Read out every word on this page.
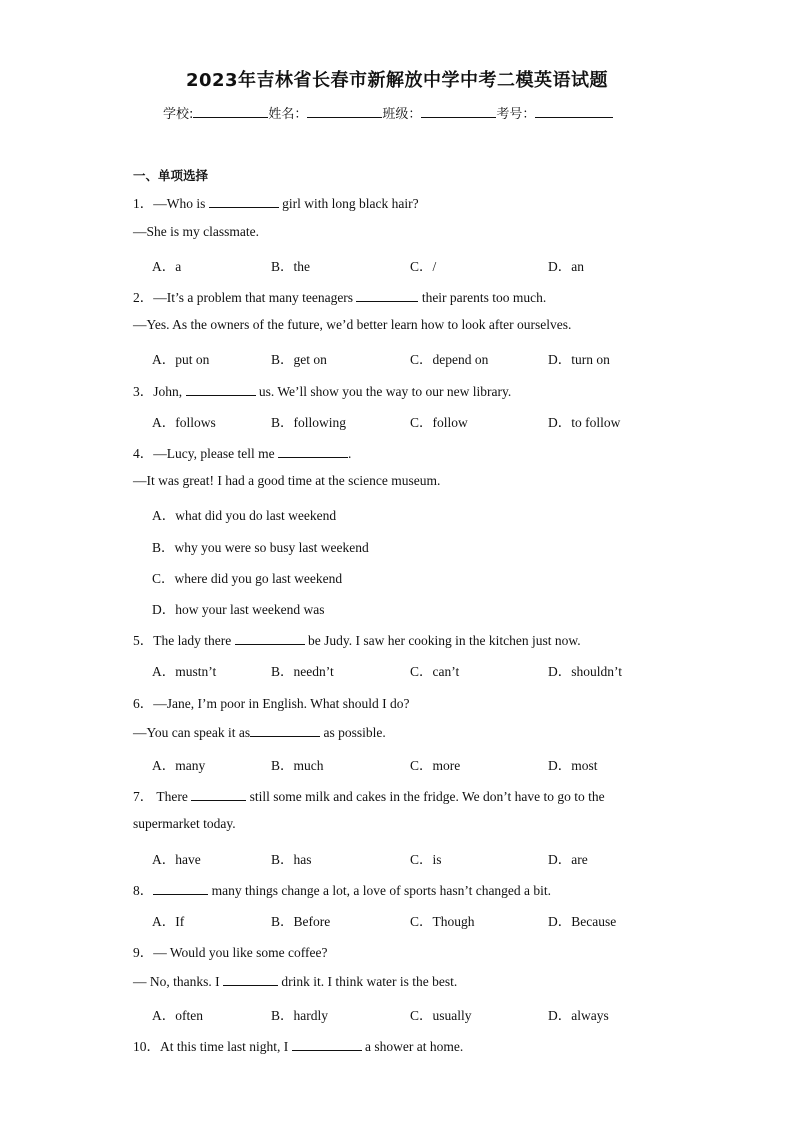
2023年吉林省长春市新解放中学中考二模英语试题
学校:	姓名：	班级：	考号：
一、单项选择
1．—Who is	girl with long black hair?
—She is my classmate.
2．—It’s a problem that many teenagers	their parents too much.
—Yes. As the owners of the future, we’d better learn how to look after ourselves.
3．John,	us. We’ll show you the way to our new library.
4．—Lucy, please tell me	.
—It was great! I had a good time at the science museum.
5．The lady there	be Judy. I saw her cooking in the kitchen just now.
6．—Jane, I’m poor in English. What should I do?
—You can speak it as	as possible.
7． There	still some milk and cakes in the fridge. We don’t have to go to the
supermarket today.
8．	many things change a lot, a love of sports hasn’t changed a bit.
9．— Would you like some coffee?
— No, thanks. I	drink it. I think water is the best.
10．At this time last night, I	a shower at home.
A．a	B．the	C．/	D．an
A．put on	B．get on	C．depend on	D．turn on
A．follows	B．following	C．follow	D．to follow
A．what did you do last weekend
B．why you were so busy last weekend
C．where did you go last weekend
D．how your last weekend was
A．mustn’t	B．needn’t	C．can’t	D．shouldn’t
A．many	B．much	C．more	D．most
A．have	B．has	C．is	D．are
A．If	B．Before	C．Though	D．Because
A．often	B．hardly	C．usually	D．always
